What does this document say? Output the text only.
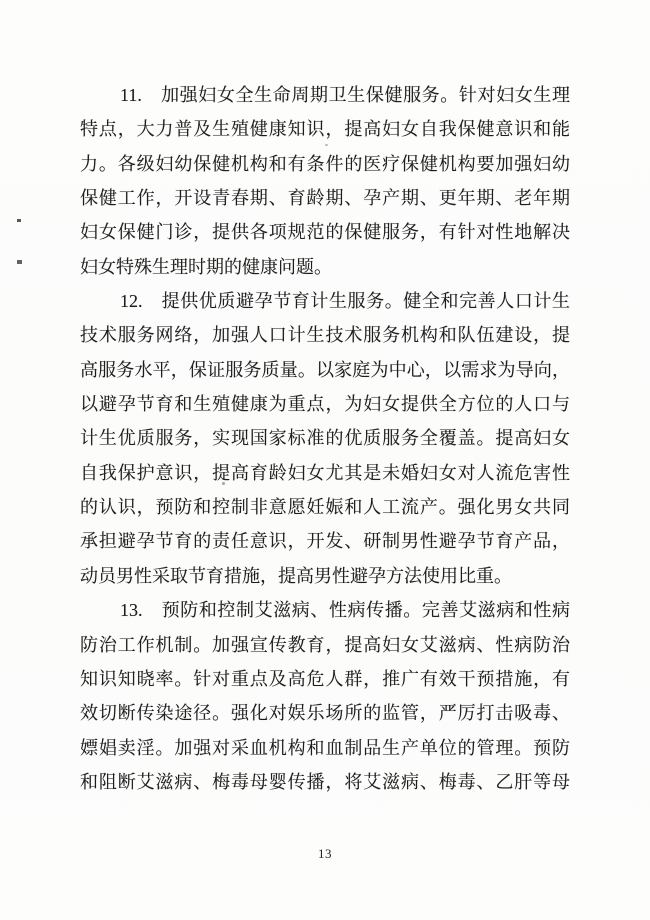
11.　加强妇女全生命周期卫生保健服务。针对妇女生理
特点，大力普及生殖健康知识，提高妇女自我保健意识和能
力。各级妇幼保健机构和有条件的医疗保健机构要加强妇幼
保健工作，开设青春期、育龄期、孕产期、更年期、老年期
妇女保健门诊，提供各项规范的保健服务，有针对性地解决
妇女特殊生理时期的健康问题。
12.　提供优质避孕节育计生服务。健全和完善人口计生
技术服务网络，加强人口计生技术服务机构和队伍建设，提
高服务水平，保证服务质量。以家庭为中心，以需求为导向，
以避孕节育和生殖健康为重点，为妇女提供全方位的人口与
计生优质服务，实现国家标准的优质服务全覆盖。提高妇女
自我保护意识，提高育龄妇女尤其是未婚妇女对人流危害性
的认识，预防和控制非意愿妊娠和人工流产。强化男女共同
承担避孕节育的责任意识，开发、研制男性避孕节育产品，
动员男性采取节育措施，提高男性避孕方法使用比重。
13.　预防和控制艾滋病、性病传播。完善艾滋病和性病
防治工作机制。加强宣传教育，提高妇女艾滋病、性病防治
知识知晓率。针对重点及高危人群，推广有效干预措施，有
效切断传染途径。强化对娱乐场所的监管，严厉打击吸毒、
嫖娼卖淫。加强对采血机构和血制品生产单位的管理。预防
和阻断艾滋病、梅毒母婴传播，将艾滋病、梅毒、乙肝等母
13
